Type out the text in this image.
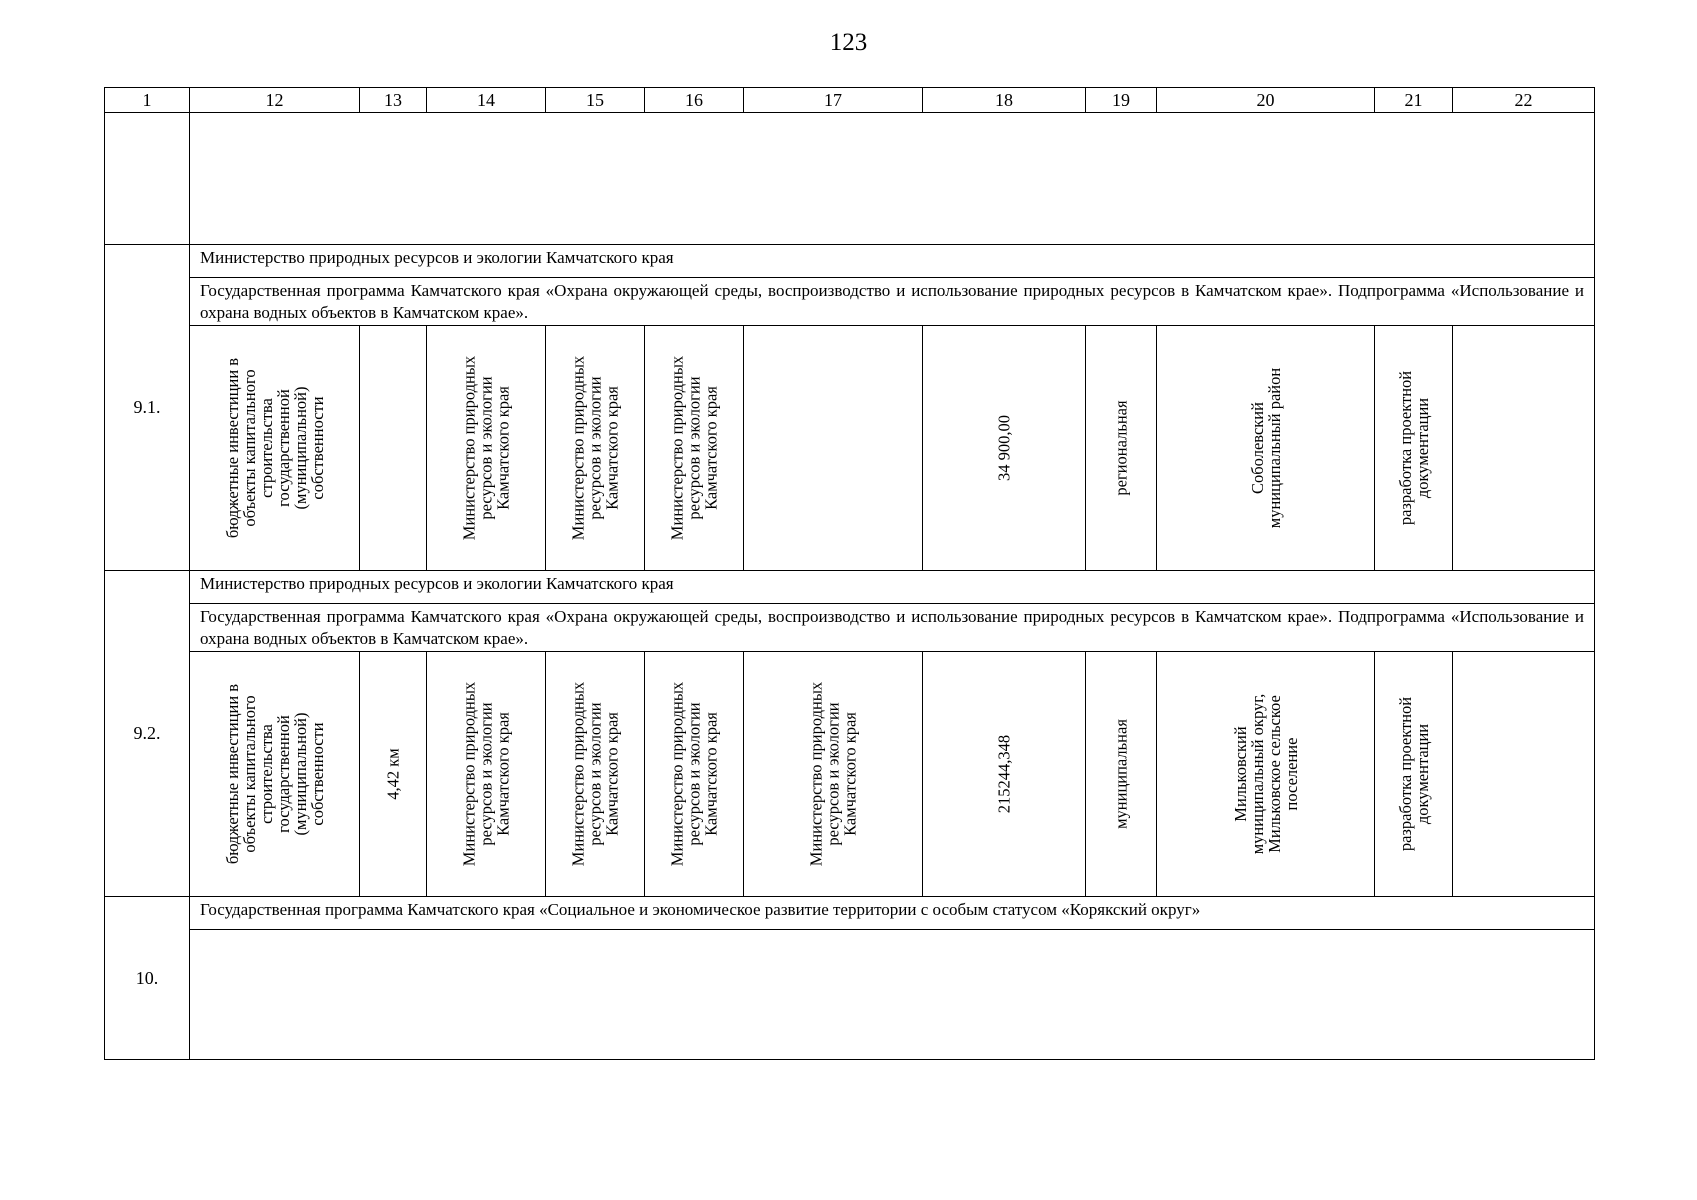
123
1	12	13	14	15	16	17	18	19	20	21	22

9.1.	Министерство природных ресурсов и экологии Камчатского края										

	Государственная программа Камчатского края «Охрана окружающей среды, воспроизводство и использование природных ресурсов в Камчатском крае». Подпрограмма «Использование и охрана водных объектов в Камчатском крае».										

	бюджетные инвестиции в объекты капитального строительства государственной (муниципальной) собственности		Министерство природных ресурсов и экологии Камчатского края	Министерство природных ресурсов и экологии Камчатского края	Министерство природных ресурсов и экологии Камчатского края		34 900,00	региональная	Соболевский муниципальный район	разработка проектной документации	

9.2.	Министерство природных ресурсов и экологии Камчатского края										

	Государственная программа Камчатского края «Охрана окружающей среды, воспроизводство и использование природных ресурсов в Камчатском крае». Подпрограмма «Использование и охрана водных объектов в Камчатском крае».										

	бюджетные инвестиции в объекты капитального строительства государственной (муниципальной) собственности	4,42 км	Министерство природных ресурсов и экологии Камчатского края	Министерство природных ресурсов и экологии Камчатского края	Министерство природных ресурсов и экологии Камчатского края	Министерство природных ресурсов и экологии Камчатского края	215244,348	муниципальная	Мильковский муниципальный округ, Мильковское сельское поселение	разработка проектной документации	

10.	Государственная программа Камчатского края «Социальное и экономическое развитие территории с особым статусом «Корякский округ»										
